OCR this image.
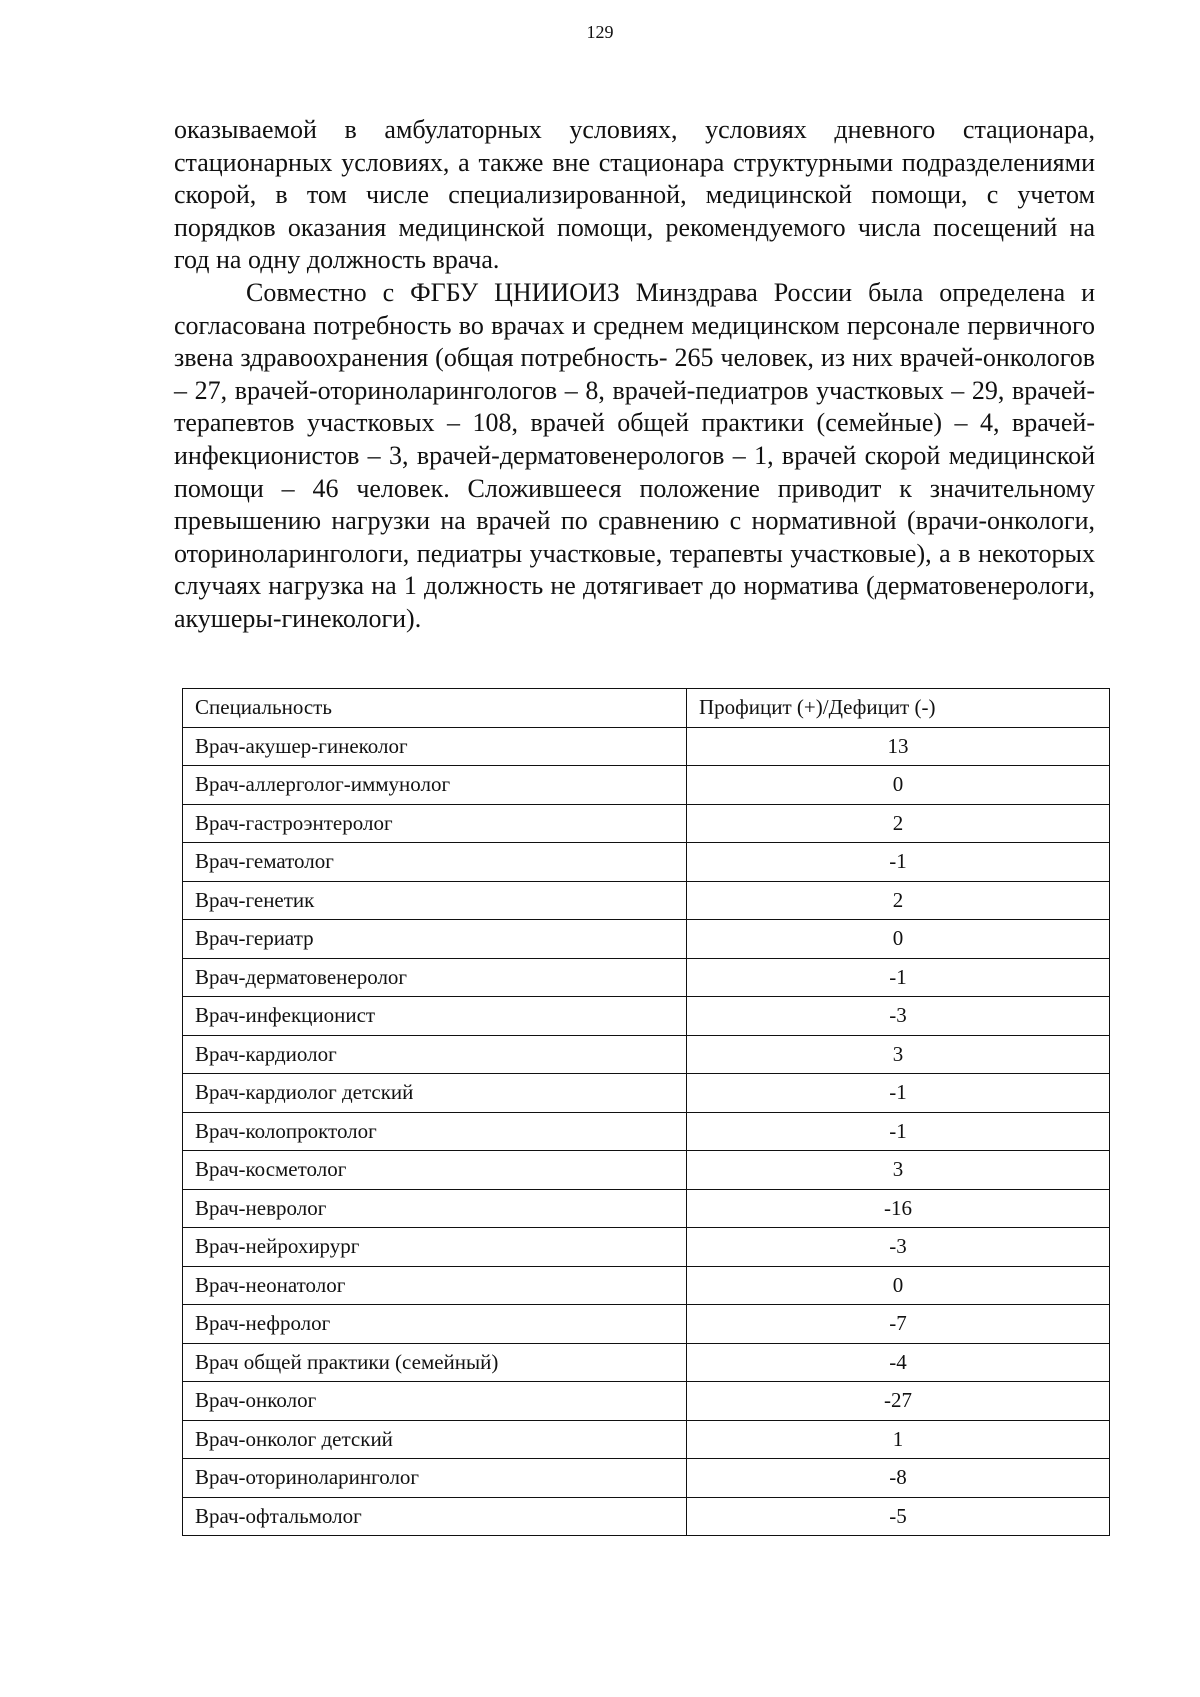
129

оказываемой в амбулаторных условиях, условиях дневного стационара, стационарных условиях, а также вне стационара структурными подразделениями скорой, в том числе специализированной, медицинской помощи, с учетом порядков оказания медицинской помощи, рекомендуемого числа посещений на год на одну должность врача.

Совместно с ФГБУ ЦНИИОИЗ Минздрава России была определена и согласована потребность во врачах и среднем медицинском персонале первичного звена здравоохранения (общая потребность- 265 человек, из них врачей-онкологов – 27, врачей-оториноларингологов – 8, врачей-педиатров участковых – 29, врачей-терапевтов участковых – 108, врачей общей практики (семейные) – 4, врачей-инфекционистов – 3, врачей-дерматовенерологов – 1, врачей скорой медицинской помощи – 46 человек. Сложившееся положение приводит к значительному превышению нагрузки на врачей по сравнению с нормативной (врачи-онкологи, оториноларингологи, педиатры участковые, терапевты участковые), а в некоторых случаях нагрузка на 1 должность не дотягивает до норматива (дерматовенерологи, акушеры-гинекологи).

Специальность	Профицит (+)/Дефицит (-)
Врач-акушер-гинеколог	13
Врач-аллерголог-иммунолог	0
Врач-гастроэнтеролог	2
Врач-гематолог	-1
Врач-генетик	2
Врач-гериатр	0
Врач-дерматовенеролог	-1
Врач-инфекционист	-3
Врач-кардиолог	3
Врач-кардиолог детский	-1
Врач-колопроктолог	-1
Врач-косметолог	3
Врач-невролог	-16
Врач-нейрохирург	-3
Врач-неонатолог	0
Врач-нефролог	-7
Врач общей практики (семейный)	-4
Врач-онколог	-27
Врач-онколог детский	1
Врач-оториноларинголог	-8
Врач-офтальмолог	-5
